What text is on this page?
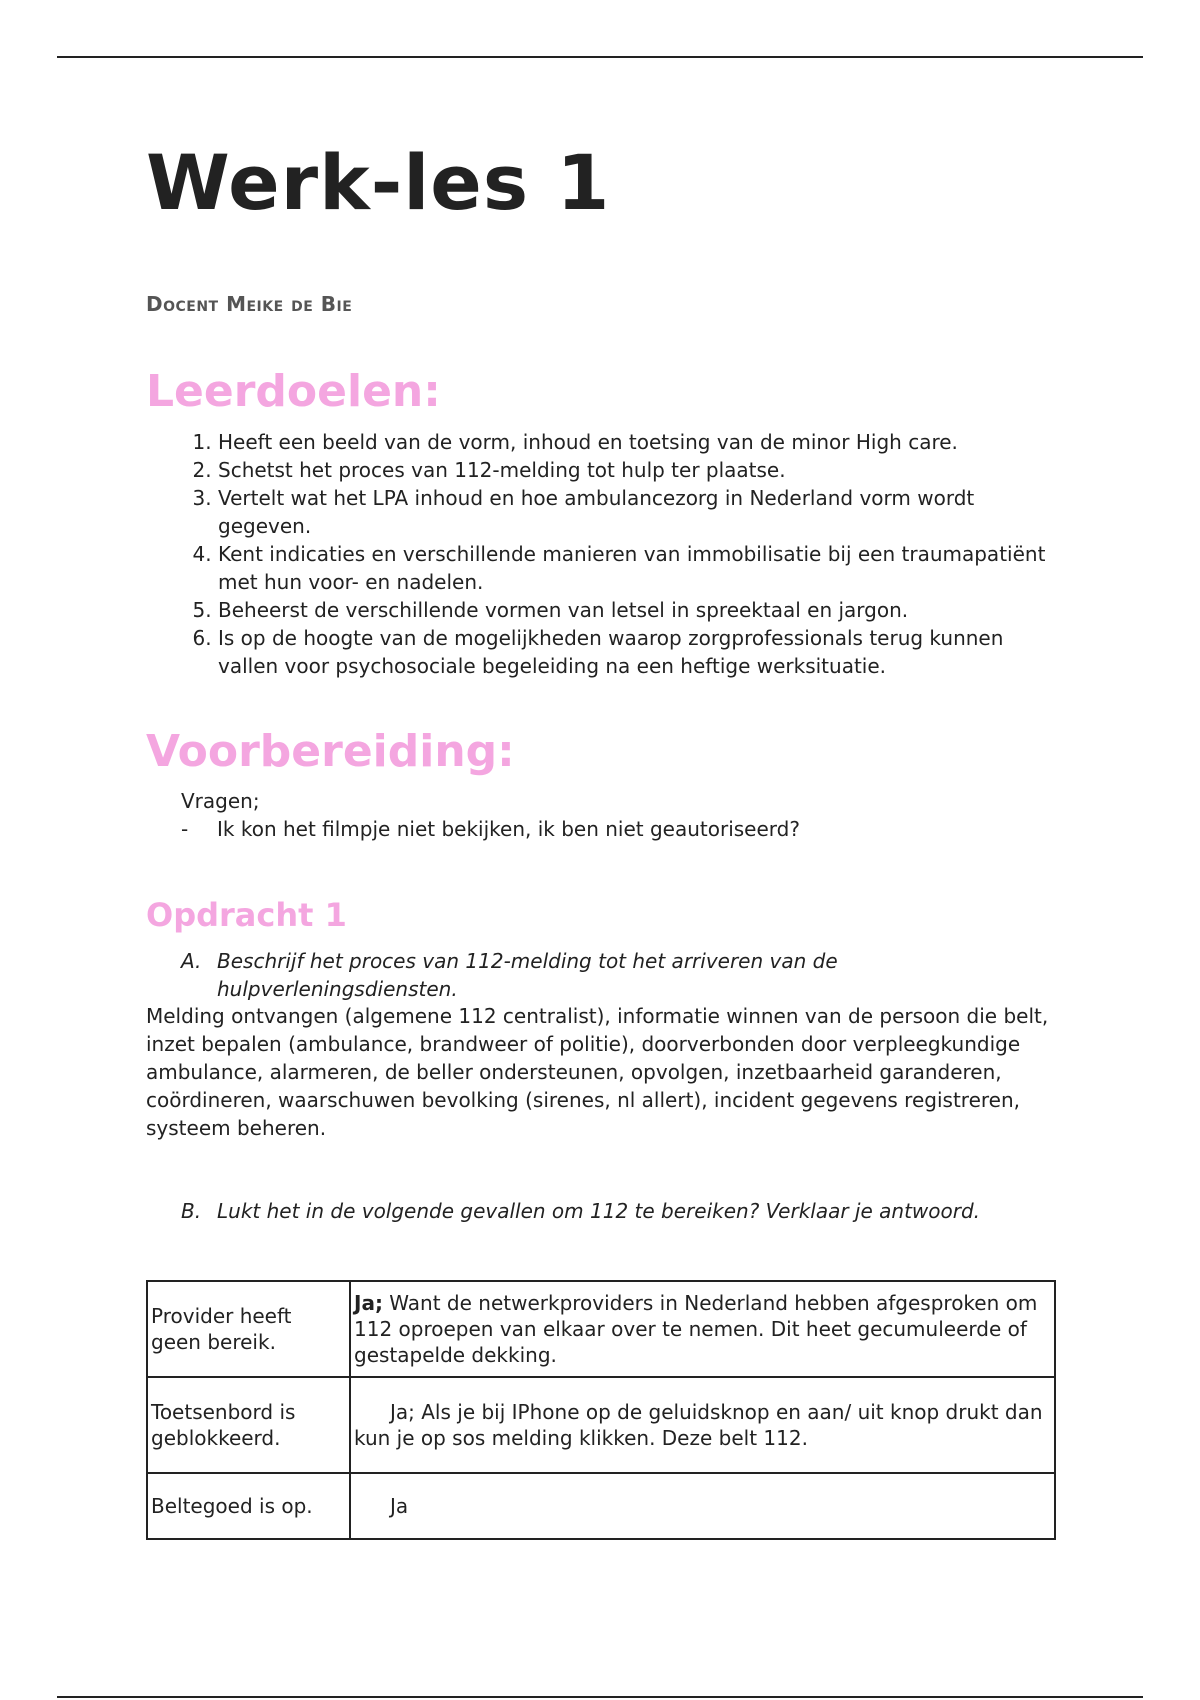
Werk-les 1

Docent Meike de Bie

Leerdoelen:
1. Heeft een beeld van de vorm, inhoud en toetsing van de minor High care.
2. Schetst het proces van 112-melding tot hulp ter plaatse.
3. Vertelt wat het LPA inhoud en hoe ambulancezorg in Nederland vorm wordt gegeven.
4. Kent indicaties en verschillende manieren van immobilisatie bij een traumapatiënt met hun voor- en nadelen.
5. Beheerst de verschillende vormen van letsel in spreektaal en jargon.
6. Is op de hoogte van de mogelijkheden waarop zorgprofessionals terug kunnen vallen voor psychosociale begeleiding na een heftige werksituatie.
Voorbereiding:
Vragen;
-	Ik kon het filmpje niet bekijken, ik ben niet geautoriseerd?
Opdracht 1
A. Beschrijf het proces van 112-melding tot het arriveren van de hulpverleningsdiensten.

Melding ontvangen (algemene 112 centralist), informatie winnen van de persoon die belt, inzet bepalen (ambulance, brandweer of politie), doorverbonden door verpleegkundige ambulance, alarmeren, de beller ondersteunen, opvolgen, inzetbaarheid garanderen, coördineren, waarschuwen bevolking (sirenes, nl allert), incident gegevens registreren, systeem beheren.

B. Lukt het in de volgende gevallen om 112 te bereiken? Verklaar je antwoord.
Provider heeft geen bereik.	Ja; Want de netwerkproviders in Nederland hebben afgesproken om 112 oproepen van elkaar over te nemen. Dit heet gecumuleerde of gestapelde dekking.
Toetsenbord is geblokkeerd.	Ja; Als je bij IPhone op de geluidsknop en aan/ uit knop drukt dan kun je op sos melding klikken. Deze belt 112.
Beltegoed is op.	Ja
